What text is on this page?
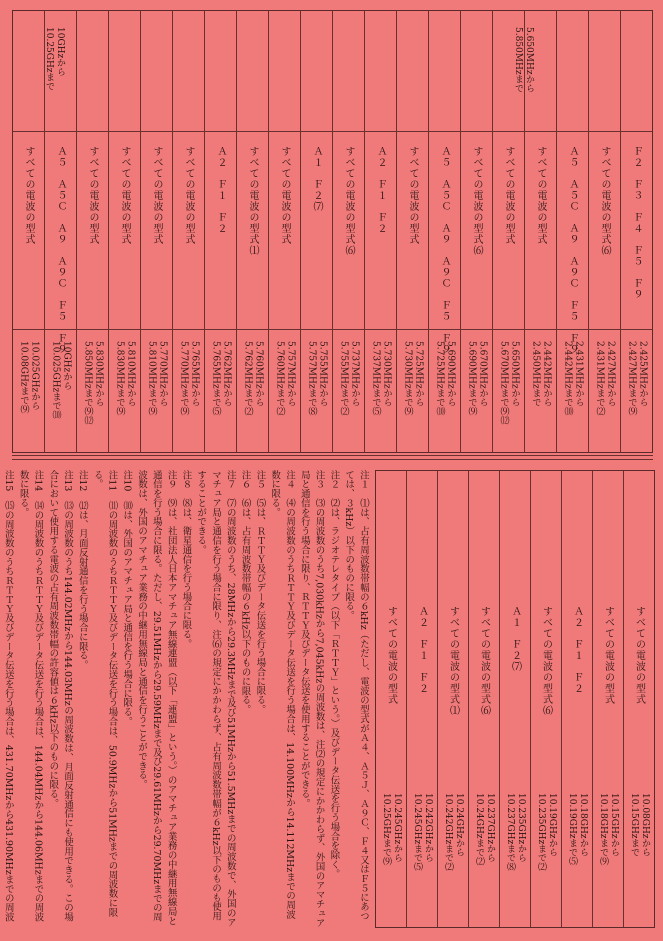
Ｆ２　Ｆ３　Ｆ４　Ｆ５　Ｆ９
2.425MHzから
2.427MHzまで⑼
すべての電波の型式⑹
2.427MHzから
2.431MHzまで⑵
Ａ５　Ａ５Ｃ　Ａ９　Ａ９Ｃ　Ｆ５　Ｆ９
2.431MHzから
2.442MHzまで⑽
すべての電波の型式
2.442MHzから
2.450MHzまで
すべての電波の型式
5.650MHzから
5.670MHzまで⑼⑿
すべての電波の型式⑹
5.670MHzから
5.690MHzまで⑼
Ａ５　Ａ５Ｃ　Ａ９　Ａ９Ｃ　Ｆ５　Ｆ９
5.690MHzから
5.725MHzまで⑽
すべての電波の型式
5.725MHzから
5.730MHzまで⑼
Ａ２　Ｆ１　Ｆ２
5.730MHzから
5.737MHzまで⑸
すべての電波の型式⑹
5.737MHzから
5.755MHzまで⑵
Ａ１　Ｆ２⑺
5.755MHzから
5.757MHzまで⑻
すべての電波の型式
5.757MHzから
5.760MHzまで⑵
すべての電波の型式⑴
5.760MHzから
5.762MHzまで⑵
Ａ２　Ｆ１　Ｆ２
5.762MHzから
5.765MHzまで⑸
すべての電波の型式
5.765MHzから
5.770MHzまで⑼
すべての電波の型式
5.770MHzから
5.810MHzまで⑼
すべての電波の型式
5.810MHzから
5.830MHzまで⑼
すべての電波の型式
5.830MHzから
5.850MHzまで⑼⑿
Ａ５　Ａ５Ｃ　Ａ９　Ａ９Ｃ　Ｆ５　Ｆ９
10GHzから
10.025GHzまで⑽
すべての電波の型式
10.025GHzから
10.08GHzまで⑼
5.650MHzから
5.850MHzまで
10GHzから
10.25GHzまで
すべての電波の型式
10.08GHzから
10.15GHzまで
すべての電波の型式
10.15GHzから
10.18GHzまで⑼
Ａ２　Ｆ１　Ｆ２
10.18GHzから
10.19GHzまで⑸
すべての電波の型式⑹
10.19GHzから
10.235GHzまで⑵
Ａ１　Ｆ２⑺
10.235GHzから
10.237GHzまで⑻
すべての電波の型式⑹
10.237GHzから
10.24GHzまで⑵
すべての電波の型式⑴
10.24GHzから
10.242GHzまで⑵
Ａ２　Ｆ１　Ｆ２
10.242GHzから
10.245GHzまで⑸
すべての電波の型式
10.245GHzから
10.25GHzまで⑼

注１　⑴は、占有周波数帯幅の６kHz（ただし、電波の型式がＡ４、Ａ５Ｊ、Ａ９Ｃ、Ｆ４又はＦ５にあつては、３kHz）以下のものに限る。

注２　⑵は、ラジオテレタイプ（以下「ＲＴＴＹ」という。）及びデータ伝送を行う場合を除く。

注３　⑶の周波数のうち7,030kHzから7,045kHzの周波数は、注⑵の規定にかかわらず、外国のアマチュア局と通信を行う場合に限り、ＲＴＴＹ及びデータ伝送を使用することができる。

注４　⑷の周波数のうちＲＴＴＹ及びデータ伝送を行う場合は、14.100MHzから14.112MHzまでの周波数に限る。

注５　⑸は、ＲＴＴＹ及びデータ伝送を行う場合に限る。

注６　⑹は、占有周波数帯幅の６kHz以下のものに限る。

注７　⑺の周波数のうち、28MHzから29.3MHzまで及び51MHzから51.5MHzまでの周波数で、外国のアマチュア局と通信を行う場合に限り、注⑹の規定にかかわらず、占有周波数帯幅が６kHz以下のものも使用することができる。

注８　⑻は、衛星通信を行う場合に限る。

注９　⑼は、社団法人日本アマチュア無線連盟（以下「連盟」という。）のアマチュア業務の中継用無線局と通信を行う場合に限る。ただし、29.51MHzから29.59MHzまで及び29.61MHzから29.70MHzまでの周波数は、外国のアマチュア業務の中継用無線局と通信を行うことができる。

注10　⑽は、外国のアマチュア局と通信を行う場合に限る。

注11　⑾の周波数のうちＲＴＴＹ及びデータ伝送を行う場合は、50.9MHzから51MHzまでの周波数に限る。

注12　⑿は、月面反射通信を行う場合に限る。

注13　⒀の周波数のうち144.02MHzから144.03MHzの周波数は、月面反射通信にも使用できる。この場合において使用する電波の占有周波数帯幅の許容値は６kHz以下のものに限る。

注14　⒁の周波数のうちＲＴＴＹ及びデータ伝送を行う場合は、144.04MHzから144.06MHzまでの周波数に限る。

注15　⒂の周波数のうちＲＴＴＹ及びデータ伝送を行う場合は、431.70MHzから431.90MHzまでの周波
